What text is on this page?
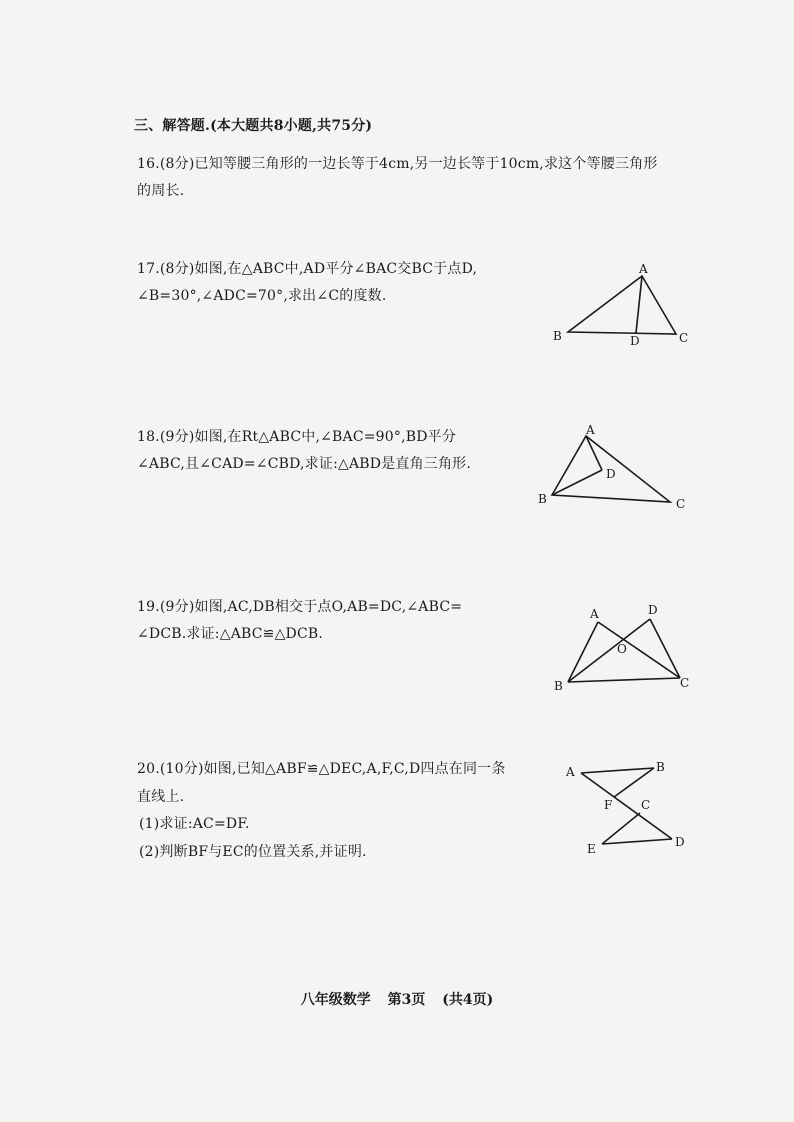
三、解答题.(本大题共8小题,共75分)
16.(8分)已知等腰三角形的一边长等于4cm,另一边长等于10cm,求这个等腰三角形
的周长.
17.(8分)如图,在△ABC中,AD平分∠BAC交BC于点D,
∠B=30°,∠ADC=70°,求出∠C的度数.
A
B	C
D
18.(9分)如图,在Rt△ABC中,∠BAC=90°,BD平分
∠ABC,且∠CAD=∠CBD,求证:△ABD是直角三角形.
A
B	C
D
19.(9分)如图,AC,DB相交于点O,AB=DC,∠ABC=
∠DCB.求证:△ABC≌△DCB.
A	D
O
B	C
20.(10分)如图,已知△ABF≌△DEC,A,F,C,D四点在同一条
直线上.
(1)求证:AC=DF.
(2)判断BF与EC的位置关系,并证明.
A	B
F C
E	D
八年级数学 第3页 (共4页)
